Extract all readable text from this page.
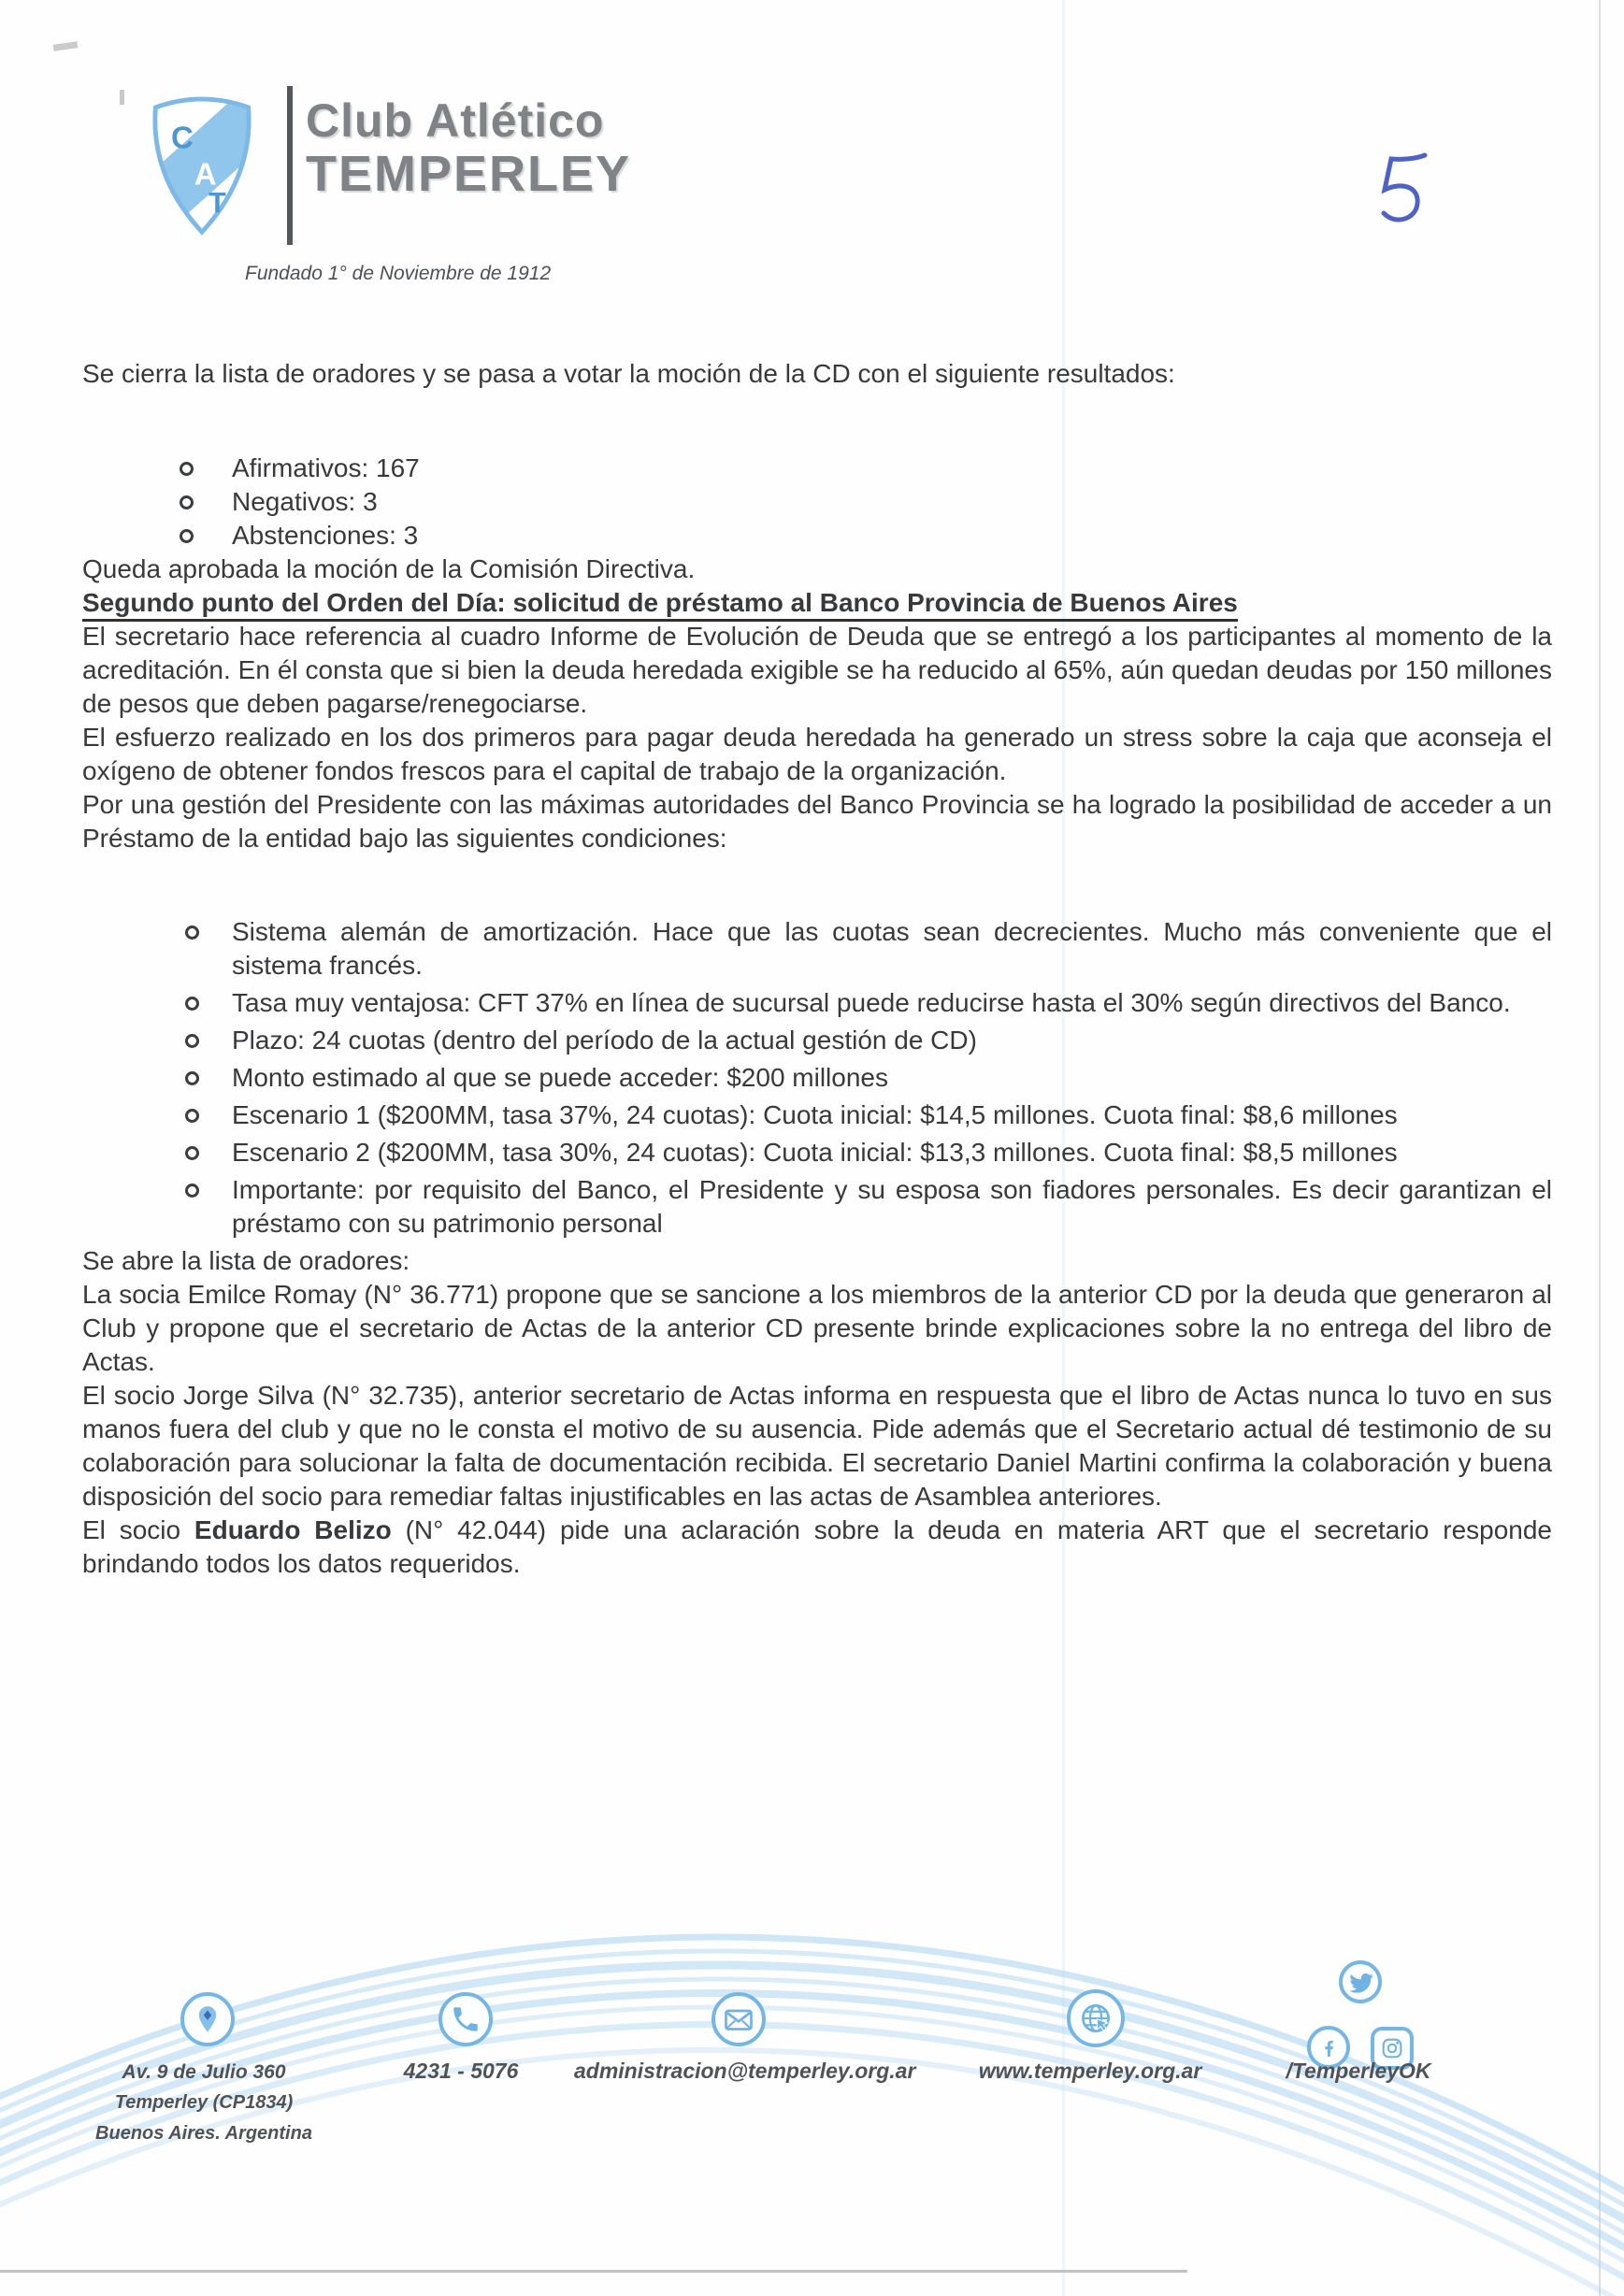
C
A
T
Club Atlético
TEMPERLEY
Fundado 1° de Noviembre de 1912

Se cierra la lista de oradores y se pasa a votar la moción de la CD con el siguiente resultados:

Afirmativos: 167
Negativos: 3
Abstenciones: 3

Queda aprobada la moción de la Comisión Directiva.

Segundo punto del Orden del Día: solicitud de préstamo al Banco Provincia de Buenos Aires

El secretario hace referencia al cuadro Informe de Evolución de Deuda que se entregó a los participantes al momento de la acreditación. En él consta que si bien la deuda heredada exigible se ha reducido al 65%, aún quedan deudas por 150 millones de pesos que deben pagarse/renegociarse.

El esfuerzo realizado en los dos primeros para pagar deuda heredada ha generado un stress sobre la caja que aconseja el oxígeno de obtener fondos frescos para el capital de trabajo de la organización.

Por una gestión del Presidente con las máximas autoridades del Banco Provincia se ha logrado la posibilidad de acceder a un Préstamo de la entidad bajo las siguientes condiciones:

Sistema alemán de amortización. Hace que las cuotas sean decrecientes. Mucho más conveniente que el sistema francés.
Tasa muy ventajosa: CFT 37% en línea de sucursal puede reducirse hasta el 30% según directivos del Banco.
Plazo: 24 cuotas (dentro del período de la actual gestión de CD)
Monto estimado al que se puede acceder: $200 millones
Escenario 1 ($200MM, tasa 37%, 24 cuotas): Cuota inicial: $14,5 millones. Cuota final: $8,6 millones
Escenario 2 ($200MM, tasa 30%, 24 cuotas): Cuota inicial: $13,3 millones. Cuota final: $8,5 millones
Importante: por requisito del Banco, el Presidente y su esposa son fiadores personales. Es decir garantizan el préstamo con su patrimonio personal

Se abre la lista de oradores:

La socia Emilce Romay (N° 36.771) propone que se sancione a los miembros de la anterior CD por la deuda que generaron al Club y propone que el secretario de Actas de la anterior CD presente brinde explicaciones sobre la no entrega del libro de Actas.

El socio Jorge Silva (N° 32.735), anterior secretario de Actas informa en respuesta que el libro de Actas nunca lo tuvo en sus manos fuera del club y que no le consta el motivo de su ausencia. Pide además que el Secretario actual dé testimonio de su colaboración para solucionar la falta de documentación recibida. El secretario Daniel Martini confirma la colaboración y buena disposición del socio para remediar faltas injustificables en las actas de Asamblea anteriores.

El socio Eduardo Belizo (N° 42.044) pide una aclaración sobre la deuda en materia ART que el secretario responde brindando todos los datos requeridos.

Av. 9 de Julio 360
Temperley (CP1834)
Buenos Aires. Argentina
4231 - 5076	administracion@temperley.org.ar	www.temperley.org.ar	/TemperleyOK
